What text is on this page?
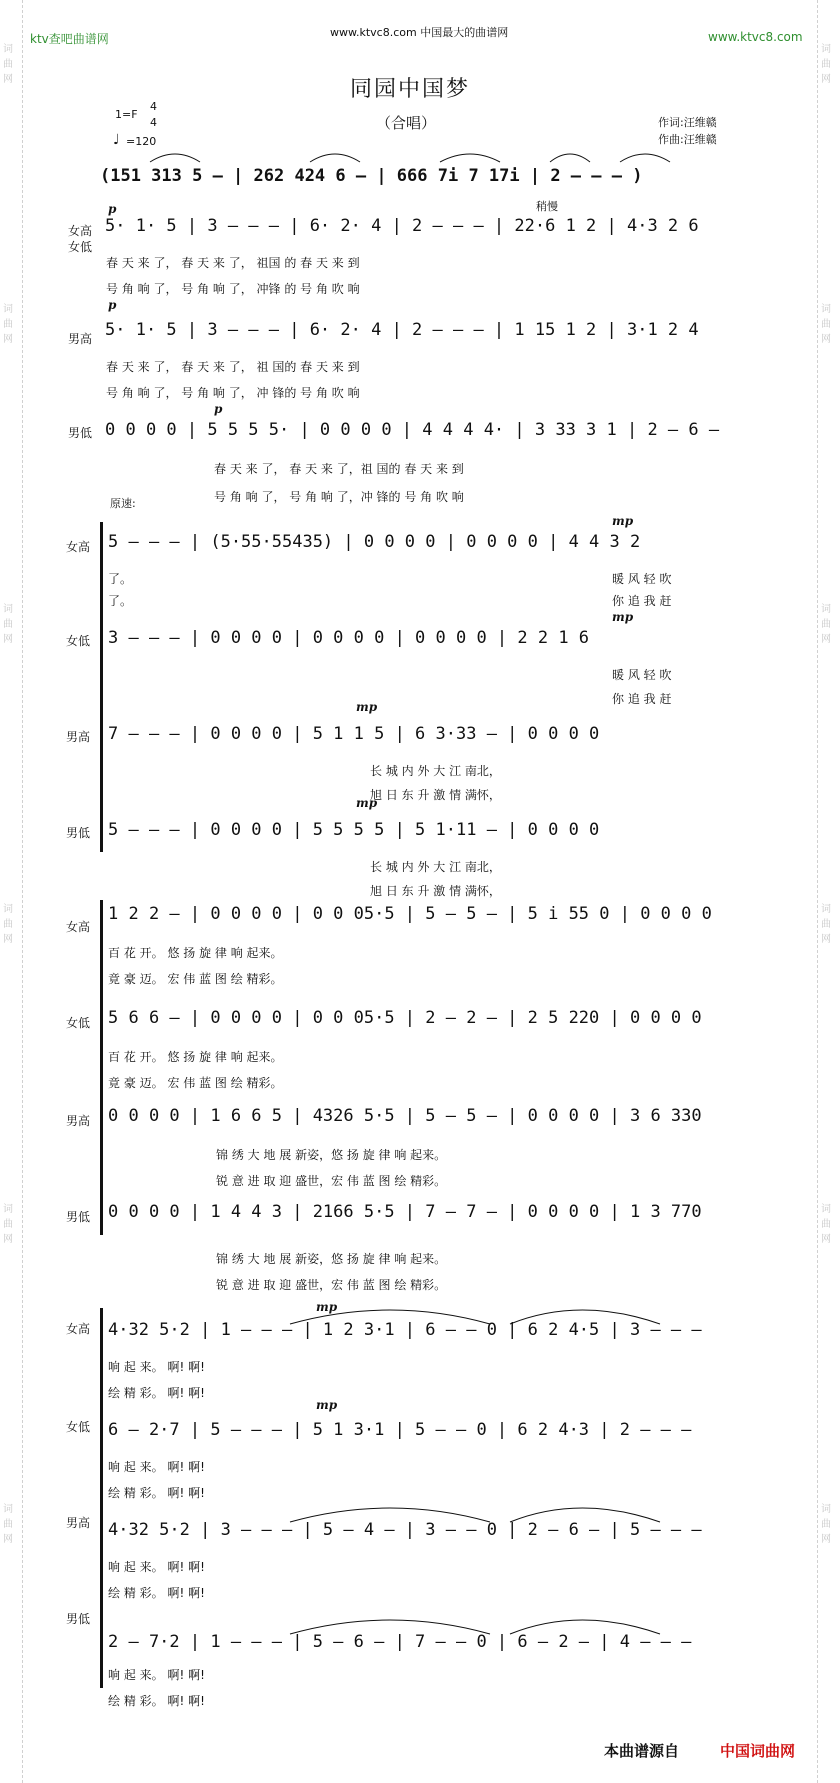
词曲网
词曲网
词曲网
词曲网
词曲网
词曲网
词曲网
词曲网
词曲网
词曲网
词曲网
词曲网
ktv查吧曲谱网	www.ktvc8.com 中国最大的曲谱网	www.ktvc8.com
同园中国梦
（合唱）
1=F
4
4
♩ =120
作词:汪维赣
作曲:汪维赣
(151 313 5 – | 262 424 6 – | 666 7i 7 17i | 2 – – – )
p	稍慢
女高
女低
5· 1· 5 | 3 – – – | 6· 2· 4 | 2 – – – | 22·6 1 2 | 4·3 2 6
春 天 来 了， 春 天 来 了， 祖国 的 春 天 来 到
号 角 响 了， 号 角 响 了， 冲锋 的 号 角 吹 响
p
男高 5· 1· 5 | 3 – – – | 6· 2· 4 | 2 – – – | 1 15 1 2 | 3·1 2 4
春 天 来 了， 春 天 来 了， 祖 国的 春 天 来 到
号 角 响 了， 号 角 响 了， 冲 锋的 号 角 吹 响
p
男低 0 0 0 0 | 5 5 5 5· | 0 0 0 0 | 4 4 4 4· | 3 33 3 1 | 2 – 6 –
春 天 来 了， 春 天 来 了，祖 国的 春 天 来 到
号 角 响 了， 号 角 响 了，冲 锋的 号 角 吹 响
原速:
女高
mp
5 – – – | (5·55·55435) | 0 0 0 0 | 0 0 0 0 | 4 4 3 2
了。	暖 风 轻 吹
了。	你 追 我 赶
女低
mp
3 – – – | 0 0 0 0 | 0 0 0 0 | 0 0 0 0 | 2 2 1 6
暖 风 轻 吹
你 追 我 赶
男高
mp
7 – – – | 0 0 0 0 | 5 1 1 5 | 6 3·33 – | 0 0 0 0
长 城 内 外 大 江 南北，
旭 日 东 升 激 情 满怀，
男低
mp
5 – – – | 0 0 0 0 | 5 5 5 5 | 5 1·11 – | 0 0 0 0
长 城 内 外 大 江 南北，
旭 日 东 升 激 情 满怀，
女高
1 2 2 – | 0 0 0 0 | 0 0 05·5 | 5 – 5 – | 5 i 55 0 | 0 0 0 0
百 花 开。 悠 扬 旋 律 响 起来。
竟 豪 迈。 宏 伟 蓝 图 绘 精彩。
女低 5 6 6 – | 0 0 0 0 | 0 0 05·5 | 2 – 2 – | 2 5 220 | 0 0 0 0
百 花 开。 悠 扬 旋 律 响 起来。
竟 豪 迈。 宏 伟 蓝 图 绘 精彩。
男高 0 0 0 0 | 1 6 6 5 | 4326 5·5 | 5 – 5 – | 0 0 0 0 | 3 6 330
锦 绣 大 地 展 新姿，悠 扬 旋 律 响 起来。
锐 意 进 取 迎 盛世，宏 伟 蓝 图 绘 精彩。
男低 0 0 0 0 | 1 4 4 3 | 2166 5·5 | 7 – 7 – | 0 0 0 0 | 1 3 770
锦 绣 大 地 展 新姿，悠 扬 旋 律 响 起来。
锐 意 进 取 迎 盛世，宏 伟 蓝 图 绘 精彩。
女高
mp
4·32 5·2 | 1 – – – | 1 2 3·1 | 6 – – 0 | 6 2 4·5 | 3 – – –
响 起 来。 啊! 啊!
绘 精 彩。 啊! 啊!
女低
mp
6 – 2·7 | 5 – – – | 5 1 3·1 | 5 – – 0 | 6 2 4·3 | 2 – – –
响 起 来。 啊! 啊!
绘 精 彩。 啊! 啊!
男高 4·32 5·2 | 3 – – – | 5 – 4 – | 3 – – 0 | 2 – 6 – | 5 – – –
响 起 来。 啊! 啊!
绘 精 彩。 啊! 啊!
男低
2 – 7·2 | 1 – – – | 5 – 6 – | 7 – – 0 | 6 – 2 – | 4 – – –
响 起 来。 啊! 啊!
绘 精 彩。 啊! 啊!
本曲谱源自	中国词曲网
